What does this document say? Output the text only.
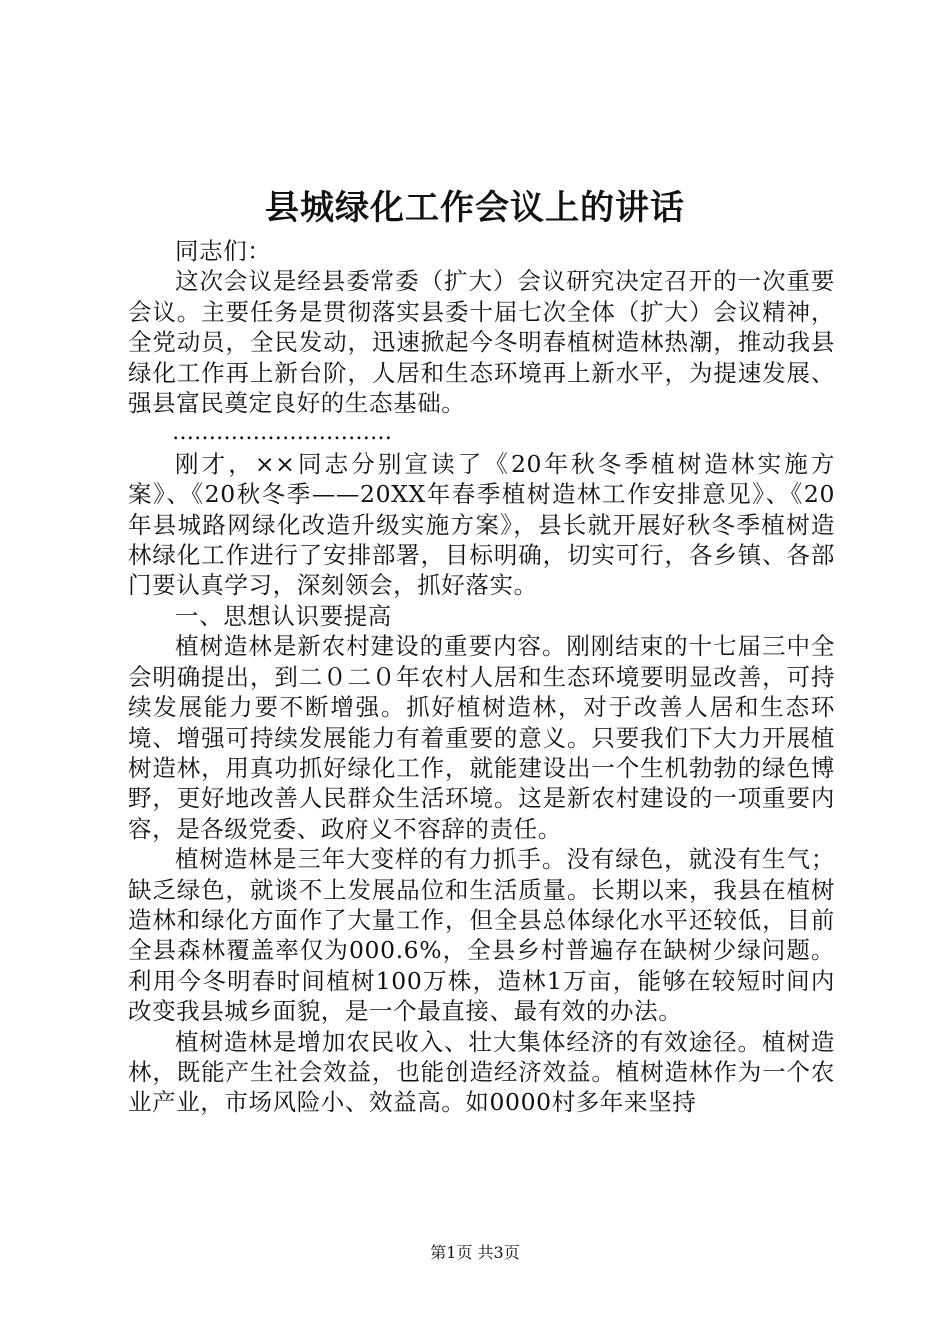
县城绿化工作会议上的讲话

同志们：

这次会议是经县委常委（扩大）会议研究决定召开的一次重要会议。主要任务是贯彻落实县委十届七次全体（扩大）会议精神，全党动员，全民发动，迅速掀起今冬明春植树造林热潮，推动我县绿化工作再上新台阶，人居和生态环境再上新水平，为提速发展、强县富民奠定良好的生态基础。

…………………………

刚才，××同志分别宣读了《20年秋冬季植树造林实施方案》、《20秋冬季——20XX年春季植树造林工作安排意见》、《20年县城路网绿化改造升级实施方案》，县长就开展好秋冬季植树造林绿化工作进行了安排部署，目标明确，切实可行，各乡镇、各部门要认真学习，深刻领会，抓好落实。

一、思想认识要提高

植树造林是新农村建设的重要内容。刚刚结束的十七届三中全会明确提出，到二０二０年农村人居和生态环境要明显改善，可持续发展能力要不断增强。抓好植树造林，对于改善人居和生态环境、增强可持续发展能力有着重要的意义。只要我们下大力开展植树造林，用真功抓好绿化工作，就能建设出一个生机勃勃的绿色博野，更好地改善人民群众生活环境。这是新农村建设的一项重要内容，是各级党委、政府义不容辞的责任。

植树造林是三年大变样的有力抓手。没有绿色，就没有生气；缺乏绿色，就谈不上发展品位和生活质量。长期以来，我县在植树造林和绿化方面作了大量工作，但全县总体绿化水平还较低，目前全县森林覆盖率仅为000.6%，全县乡村普遍存在缺树少绿问题。利用今冬明春时间植树100万株，造林1万亩，能够在较短时间内改变我县城乡面貌，是一个最直接、最有效的办法。

植树造林是增加农民收入、壮大集体经济的有效途径。植树造林，既能产生社会效益，也能创造经济效益。植树造林作为一个农业产业，市场风险小、效益高。如0000村多年来坚持

第1页 共3页
